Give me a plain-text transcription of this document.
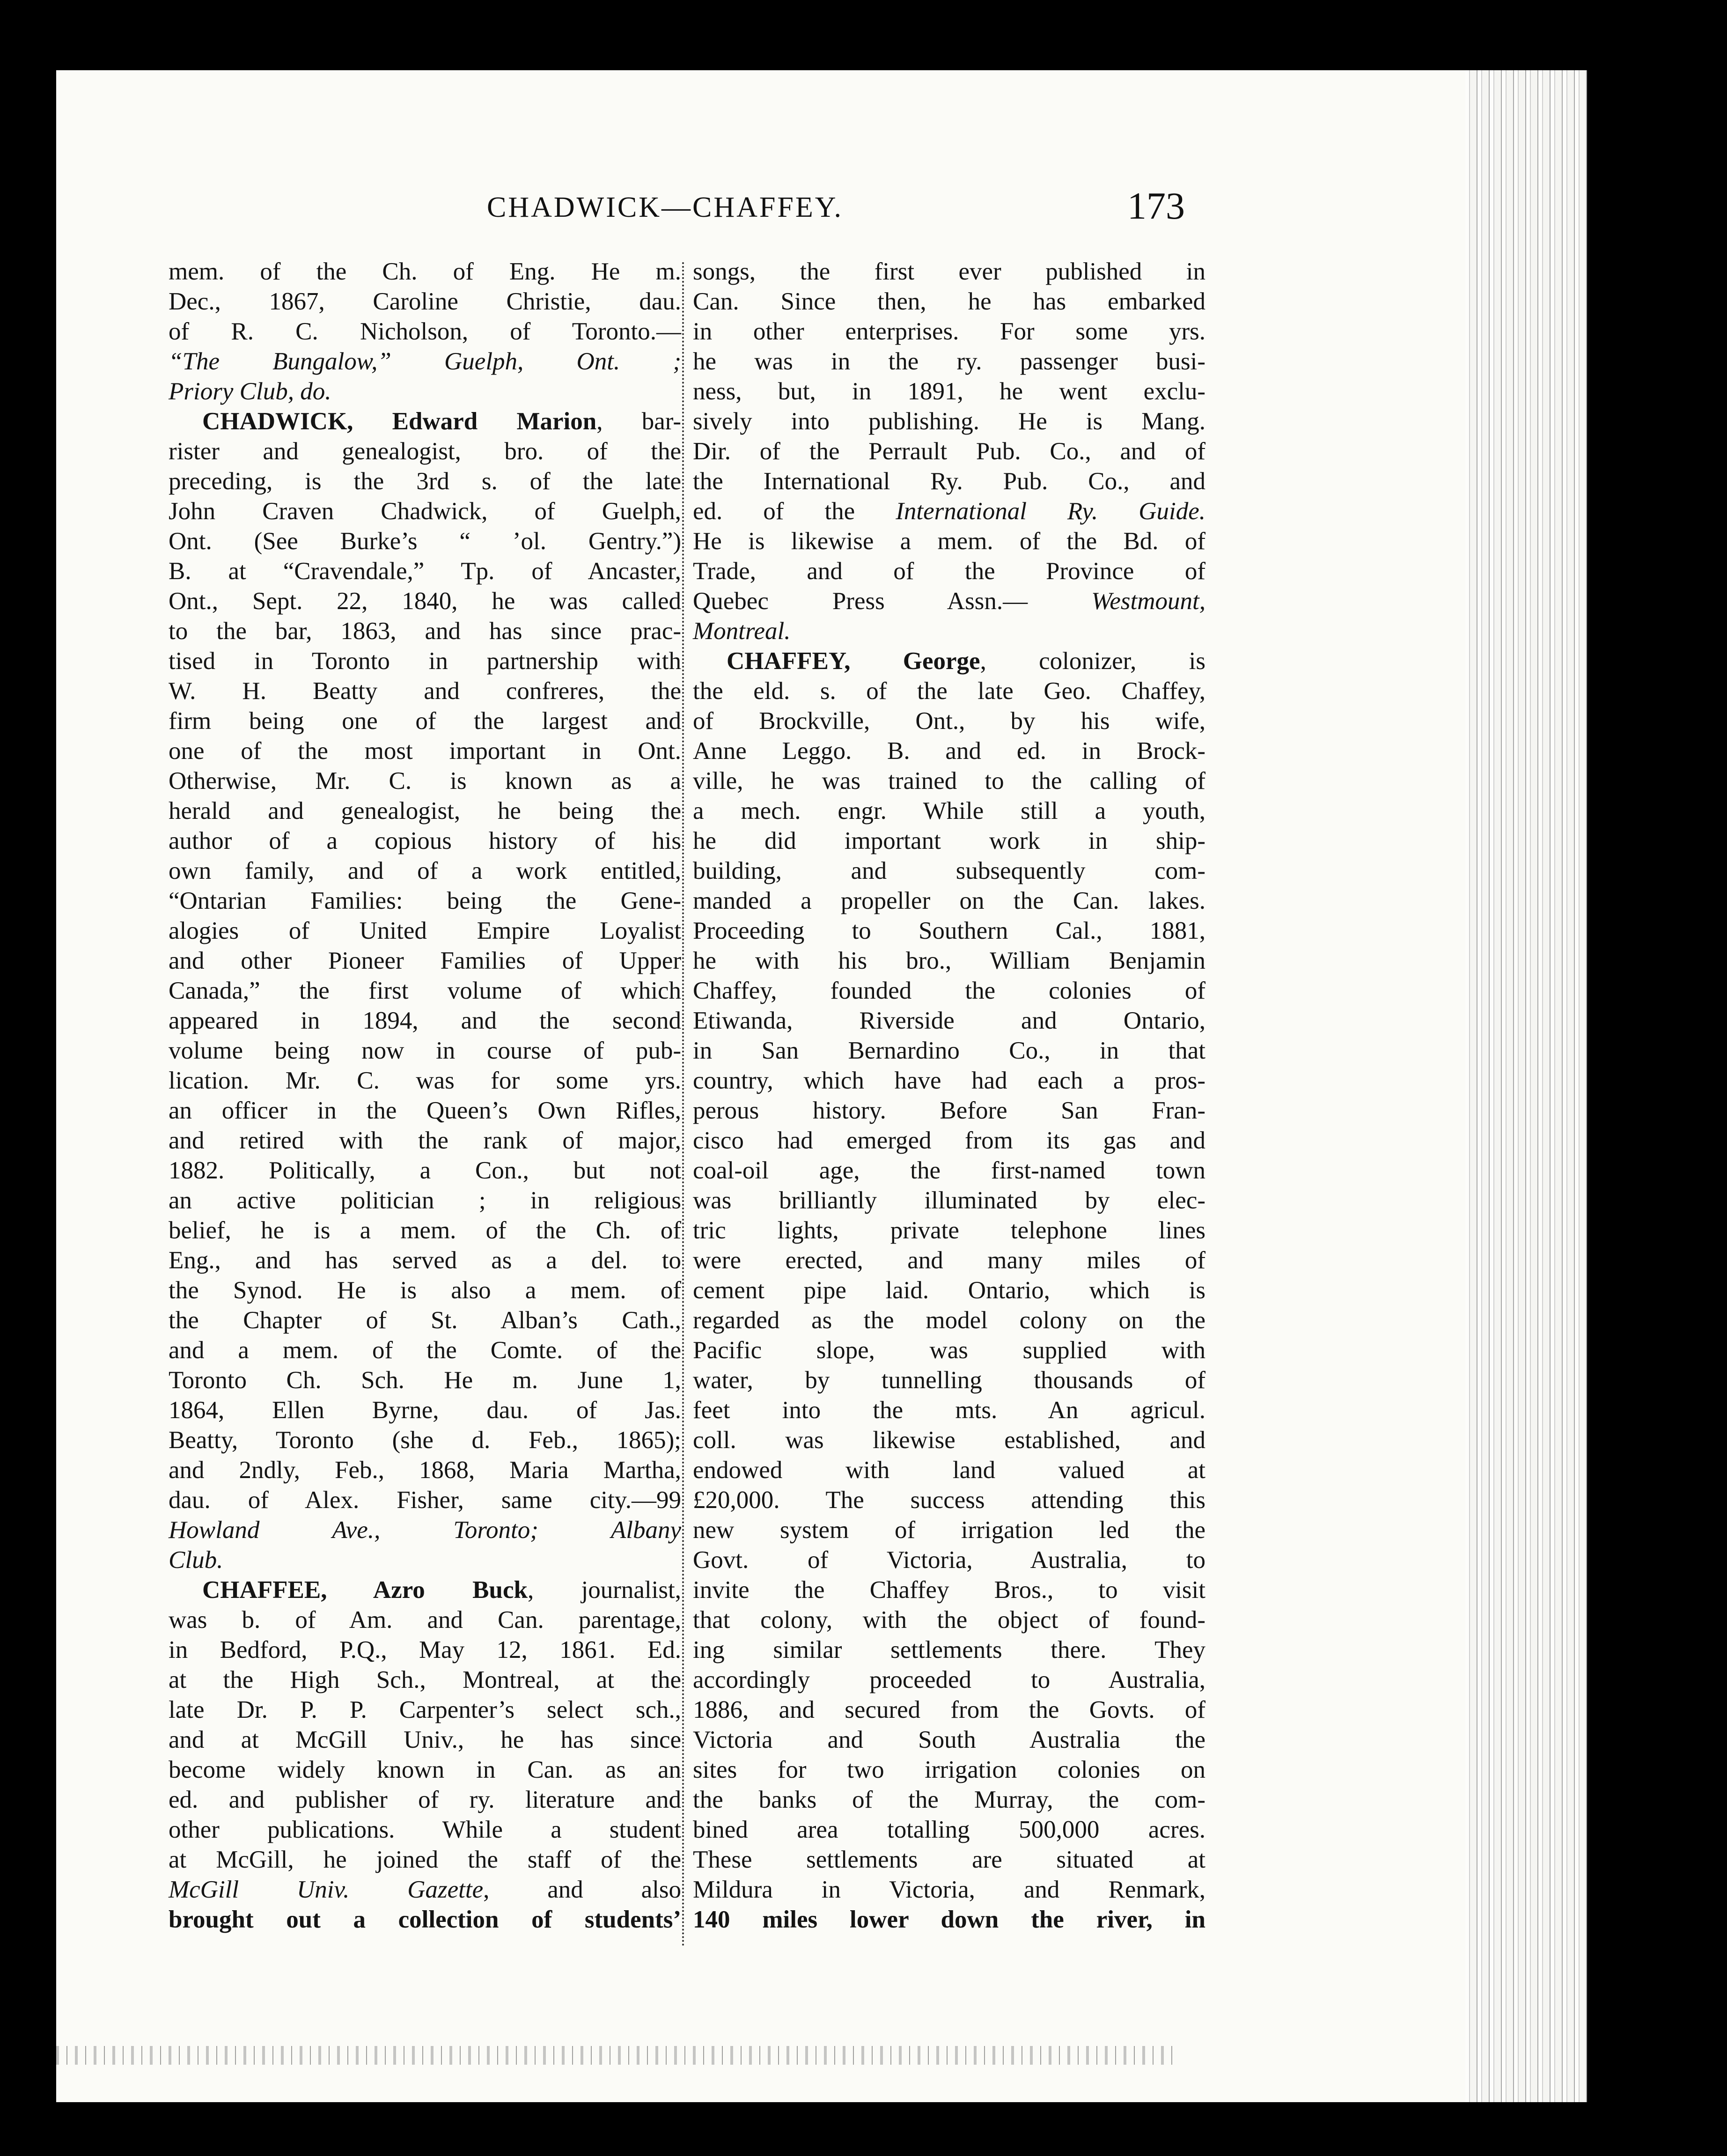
CHADWICK—CHAFFEY.	173
mem. of the Ch. of Eng. He m.
Dec., 1867, Caroline Christie, dau.
of R. C. Nicholson, of Toronto.—
“The Bungalow,” Guelph, Ont. ;
Priory Club, do.
CHADWICK, Edward Marion, bar-
rister and genealogist, bro. of the
preceding, is the 3rd s. of the late
John Craven Chadwick, of Guelph,
Ont. (See Burke’s “ ’ol. Gentry.”)
B. at “Cravendale,” Tp. of Ancaster,
Ont., Sept. 22, 1840, he was called
to the bar, 1863, and has since prac-
tised in Toronto in partnership with
W. H. Beatty and confreres, the
firm being one of the largest and
one of the most important in Ont.
Otherwise, Mr. C. is known as a
herald and genealogist, he being the
author of a copious history of his
own family, and of a work entitled,
“Ontarian Families: being the Gene-
alogies of United Empire Loyalist
and other Pioneer Families of Upper
Canada,” the first volume of which
appeared in 1894, and the second
volume being now in course of pub-
lication. Mr. C. was for some yrs.
an officer in the Queen’s Own Rifles,
and retired with the rank of major,
1882. Politically, a Con., but not
an active politician ; in religious
belief, he is a mem. of the Ch. of
Eng., and has served as a del. to
the Synod. He is also a mem. of
the Chapter of St. Alban’s Cath.,
and a mem. of the Comte. of the
Toronto Ch. Sch. He m. June 1,
1864, Ellen Byrne, dau. of Jas.
Beatty, Toronto (she d. Feb., 1865);
and 2ndly, Feb., 1868, Maria Martha,
dau. of Alex. Fisher, same city.—99
Howland Ave., Toronto; Albany
Club.
CHAFFEE, Azro Buck, journalist,
was b. of Am. and Can. parentage,
in Bedford, P.Q., May 12, 1861. Ed.
at the High Sch., Montreal, at the
late Dr. P. P. Carpenter’s select sch.,
and at McGill Univ., he has since
become widely known in Can. as an
ed. and publisher of ry. literature and
other publications. While a student
at McGill, he joined the staff of the
McGill Univ. Gazette, and also
brought out a collection of students’
songs, the first ever published in
Can. Since then, he has embarked
in other enterprises. For some yrs.
he was in the ry. passenger busi-
ness, but, in 1891, he went exclu-
sively into publishing. He is Mang.
Dir. of the Perrault Pub. Co., and of
the International Ry. Pub. Co., and
ed. of the International Ry. Guide.
He is likewise a mem. of the Bd. of
Trade, and of the Province of
Quebec Press Assn.— Westmount,
Montreal.
CHAFFEY, George, colonizer, is
the eld. s. of the late Geo. Chaffey,
of Brockville, Ont., by his wife,
Anne Leggo. B. and ed. in Brock-
ville, he was trained to the calling of
a mech. engr. While still a youth,
he did important work in ship-
building, and subsequently com-
manded a propeller on the Can. lakes.
Proceeding to Southern Cal., 1881,
he with his bro., William Benjamin
Chaffey, founded the colonies of
Etiwanda, Riverside and Ontario,
in San Bernardino Co., in that
country, which have had each a pros-
perous history. Before San Fran-
cisco had emerged from its gas and
coal-oil age, the first-named town
was brilliantly illuminated by elec-
tric lights, private telephone lines
were erected, and many miles of
cement pipe laid. Ontario, which is
regarded as the model colony on the
Pacific slope, was supplied with
water, by tunnelling thousands of
feet into the mts. An agricul.
coll. was likewise established, and
endowed with land valued at
£20,000. The success attending this
new system of irrigation led the
Govt. of Victoria, Australia, to
invite the Chaffey Bros., to visit
that colony, with the object of found-
ing similar settlements there. They
accordingly proceeded to Australia,
1886, and secured from the Govts. of
Victoria and South Australia the
sites for two irrigation colonies on
the banks of the Murray, the com-
bined area totalling 500,000 acres.
These settlements are situated at
Mildura in Victoria, and Renmark,
140 miles lower down the river, in
